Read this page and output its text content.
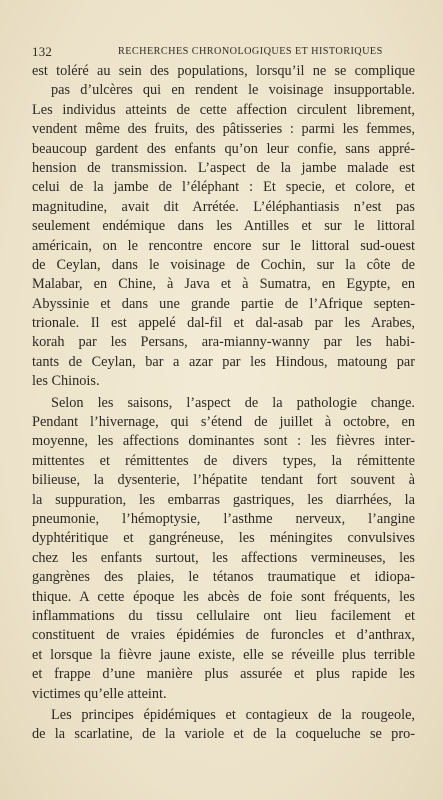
132	RECHERCHES CHRONOLOGIQUES ET HISTORIQUES
est toléré au sein des populations, lorsqu’il ne se complique
pas d’ulcères qui en rendent le voisinage insupportable.
Les individus atteints de cette affection circulent librement,
vendent même des fruits, des pâtisseries : parmi les femmes,
beaucoup gardent des enfants qu’on leur confie, sans appré-
hension de transmission. L’aspect de la jambe malade est
celui de la jambe de l’éléphant : Et specie, et colore, et
magnitudine, avait dit Arrétée. L’éléphantiasis n’est pas
seulement endémique dans les Antilles et sur le littoral
américain, on le rencontre encore sur le littoral sud-ouest
de Ceylan, dans le voisinage de Cochin, sur la côte de
Malabar, en Chine, à Java et à Sumatra, en Egypte, en
Abyssinie et dans une grande partie de l’Afrique septen-
trionale. Il est appelé dal-fil et dal-asab par les Arabes,
korah par les Persans, ara-mianny-wanny par les habi-
tants de Ceylan, bar a azar par les Hindous, matoung par
les Chinois.
Selon les saisons, l’aspect de la pathologie change.
Pendant l’hivernage, qui s’étend de juillet à octobre, en
moyenne, les affections dominantes sont : les fièvres inter-
mittentes et rémittentes de divers types, la rémittente
bilieuse, la dysenterie, l’hépatite tendant fort souvent à
la suppuration, les embarras gastriques, les diarrhées, la
pneumonie, l’hémoptysie, l’asthme nerveux, l’angine
dyphtéritique et gangréneuse, les méningites convulsives
chez les enfants surtout, les affections vermineuses, les
gangrènes des plaies, le tétanos traumatique et idiopa-
thique. A cette époque les abcès de foie sont fréquents, les
inflammations du tissu cellulaire ont lieu facilement et
constituent de vraies épidémies de furoncles et d’anthrax,
et lorsque la fièvre jaune existe, elle se réveille plus terrible
et frappe d’une manière plus assurée et plus rapide les
victimes qu’elle atteint.
Les principes épidémiques et contagieux de la rougeole,
de la scarlatine, de la variole et de la coqueluche se pro-
